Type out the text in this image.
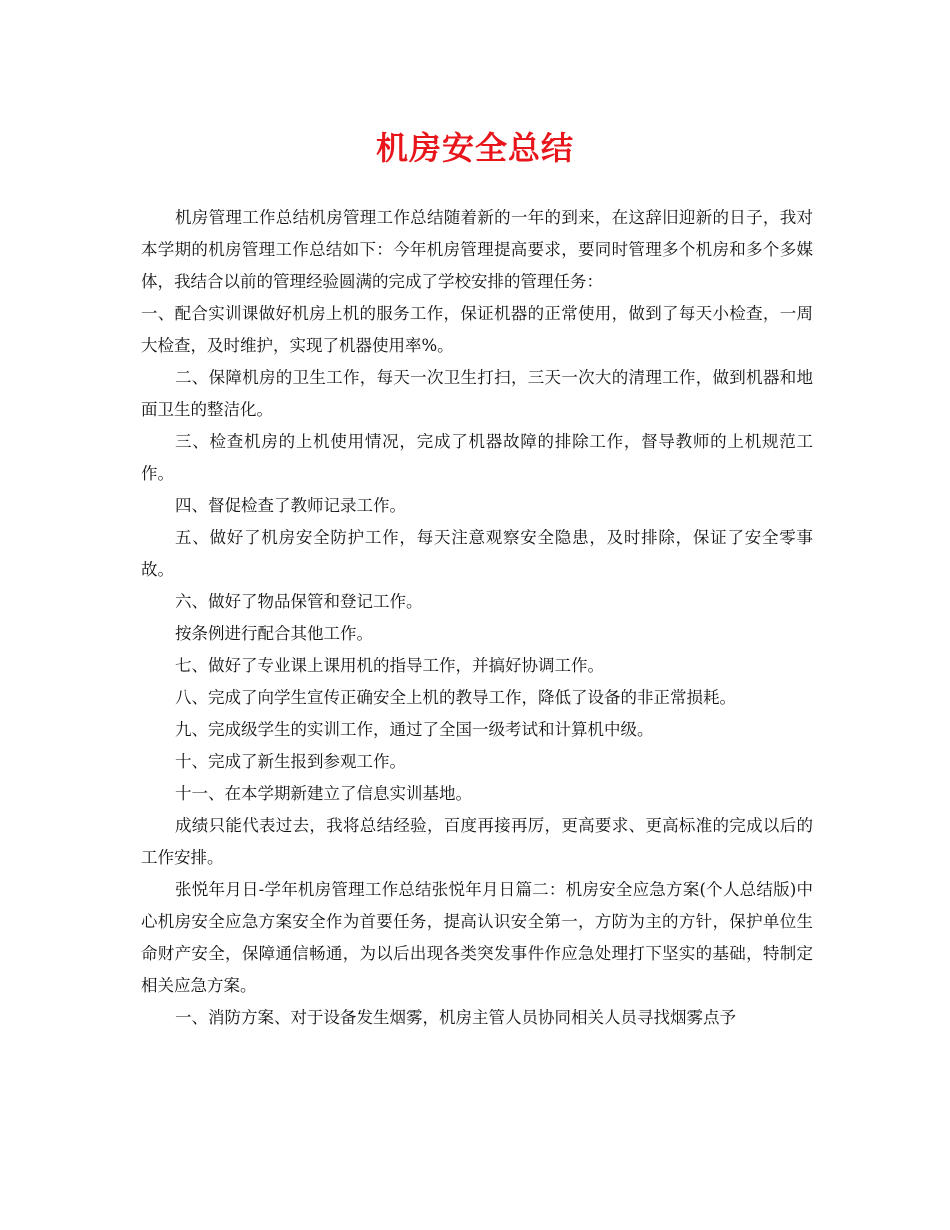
机房安全总结

机房管理工作总结机房管理工作总结随着新的一年的到来，在这辞旧迎新的日子，我对本学期的机房管理工作总结如下：今年机房管理提高要求，要同时管理多个机房和多个多媒体，我结合以前的管理经验圆满的完成了学校安排的管理任务：

一、配合实训课做好机房上机的服务工作，保证机器的正常使用，做到了每天小检查，一周大检查，及时维护，实现了机器使用率%。

二、保障机房的卫生工作，每天一次卫生打扫，三天一次大的清理工作，做到机器和地面卫生的整洁化。

三、检查机房的上机使用情况，完成了机器故障的排除工作，督导教师的上机规范工作。

四、督促检查了教师记录工作。

五、做好了机房安全防护工作，每天注意观察安全隐患，及时排除，保证了安全零事故。

六、做好了物品保管和登记工作。

按条例进行配合其他工作。

七、做好了专业课上课用机的指导工作，并搞好协调工作。

八、完成了向学生宣传正确安全上机的教导工作，降低了设备的非正常损耗。

九、完成级学生的实训工作，通过了全国一级考试和计算机中级。

十、完成了新生报到参观工作。

十一、在本学期新建立了信息实训基地。

成绩只能代表过去，我将总结经验，百度再接再厉，更高要求、更高标准的完成以后的工作安排。

张悦年月日-学年机房管理工作总结张悦年月日篇二：机房安全应急方案(个人总结版)中心机房安全应急方案安全作为首要任务，提高认识安全第一，方防为主的方针，保护单位生命财产安全，保障通信畅通，为以后出现各类突发事件作应急处理打下坚实的基础，特制定相关应急方案。

一、消防方案、对于设备发生烟雾，机房主管人员协同相关人员寻找烟雾点予
